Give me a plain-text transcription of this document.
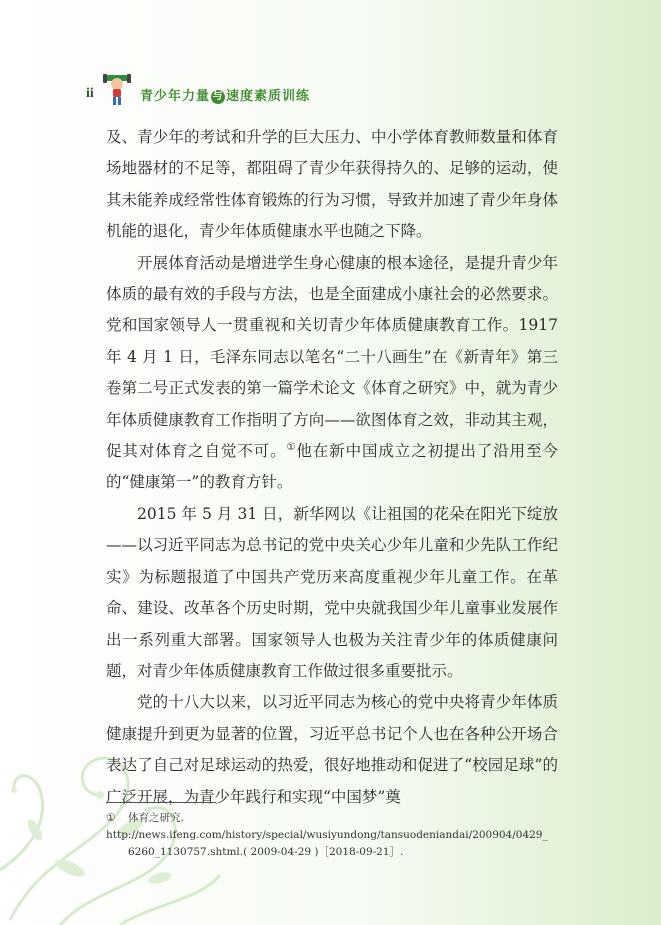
ii	青少年力量 与 速度素质训练

及、青少年的考试和升学的巨大压力、中小学体育教师数量和体育场地器材的不足等，都阻碍了青少年获得持久的、足够的运动，使其未能养成经常性体育锻炼的行为习惯，导致并加速了青少年身体机能的退化，青少年体质健康水平也随之下降。

开展体育活动是增进学生身心健康的根本途径，是提升青少年体质的最有效的手段与方法，也是全面建成小康社会的必然要求。党和国家领导人一贯重视和关切青少年体质健康教育工作。1917 年 4 月 1 日，毛泽东同志以笔名“二十八画生”在《新青年》第三卷第二号正式发表的第一篇学术论文《体育之研究》中，就为青少年体质健康教育工作指明了方向——欲图体育之效，非动其主观，促其对体育之自觉不可。①他在新中国成立之初提出了沿用至今的“健康第一”的教育方针。

2015 年 5 月 31 日，新华网以《让祖国的花朵在阳光下绽放——以习近平同志为总书记的党中央关心少年儿童和少先队工作纪实》为标题报道了中国共产党历来高度重视少年儿童工作。在革命、建设、改革各个历史时期，党中央就我国少年儿童事业发展作出一系列重大部署。国家领导人也极为关注青少年的体质健康问题，对青少年体质健康教育工作做过很多重要批示。

党的十八大以来，以习近平同志为核心的党中央将青少年体质健康提升到更为显著的位置，习近平总书记个人也在各种公开场合表达了自己对足球运动的热爱，很好地推动和促进了“校园足球”的广泛开展，为青少年践行和实现“中国梦”奠

① 体育之研究. http://news.ifeng.com/history/special/wusiyundong/tansuodeniandai/200904/0429_
6260_1130757.shtml.( 2009-04-29 )［2018-09-21］.
